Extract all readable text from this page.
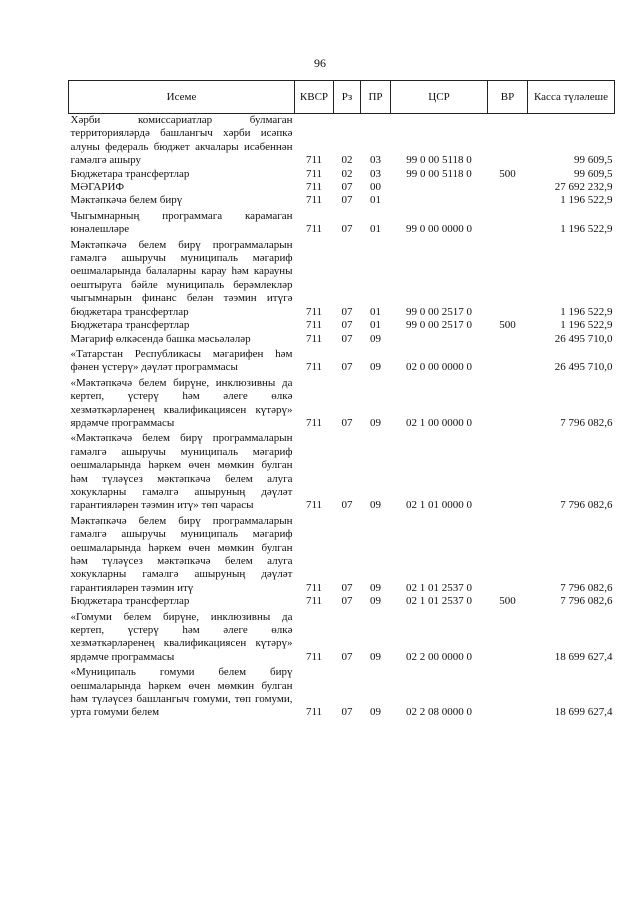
96
Исеме	КВСР	Рз	ПР	ЦСР	ВР	Касса түләлеше
Хәрби комиссариатлар булмаган территорияләрдә башлангыч хәрби исәпкә алуны федераль бюджет акчалары исәбеннән гамәлгә ашыру	711	02	03	99 0 00 5118 0		99 609,5
Бюджетара трансфертлар	711	02	03	99 0 00 5118 0	500	99 609,5
МӘГАРИФ	711	07	00			27 692 232,9
Мәктәпкәчә белем бирү	711	07	01			1 196 522,9
Чыгымнарның программага карамаган юнәлешләре	711	07	01	99 0 00 0000 0		1 196 522,9
Мәктәпкәчә белем бирү программаларын гамәлгә ашыручы муниципаль мәгариф оешмаларында балаларны карау һәм карауны оештыруга бәйле муниципаль берәмлекләр чыгымнарын финанс белән тәэмин итүгә бюджетара трансфертлар	711	07	01	99 0 00 2517 0		1 196 522,9
Бюджетара трансфертлар	711	07	01	99 0 00 2517 0	500	1 196 522,9
Мәгариф өлкәсендә башка мәсьәләләр	711	07	09			26 495 710,0
«Татарстан Республикасы мәгарифен һәм фәнен үстерү» дәүләт программасы	711	07	09	02 0 00 0000 0		26 495 710,0
«Мәктәпкәчә белем бирүне, инклюзивны да кертеп, үстерү һәм әлеге өлкә хезмәткәрләренең квалификациясен күтәрү» ярдәмче программасы	711	07	09	02 1 00 0000 0		7 796 082,6
«Мәктәпкәчә белем бирү программаларын гамәлгә ашыручы муниципаль мәгариф оешмаларында һәркем өчен мөмкин булган һәм түләүсез мәктәпкәчә белем алуга хокукларны гамәлгә ашыруның дәүләт гарантияләрен тәэмин итү» төп чарасы	711	07	09	02 1 01 0000 0		7 796 082,6
Мәктәпкәчә белем бирү программаларын гамәлгә ашыручы муниципаль мәгариф оешмаларында һәркем өчен мөмкин булган һәм түләүсез мәктәпкәчә белем алуга хокукларны гамәлгә ашыруның дәүләт гарантияләрен тәэмин итү	711	07	09	02 1 01 2537 0		7 796 082,6
Бюджетара трансфертлар	711	07	09	02 1 01 2537 0	500	7 796 082,6
«Гомуми белем бирүне, инклюзивны да кертеп, үстерү һәм әлеге өлкә хезмәткәрләренең квалификациясен күтәрү» ярдәмче программасы	711	07	09	02 2 00 0000 0		18 699 627,4
«Муниципаль гомуми белем бирү оешмаларында һәркем өчен мөмкин булган һәм түләүсез башлангыч гомуми, төп гомуми, урта гомуми белем	711	07	09	02 2 08 0000 0		18 699 627,4
